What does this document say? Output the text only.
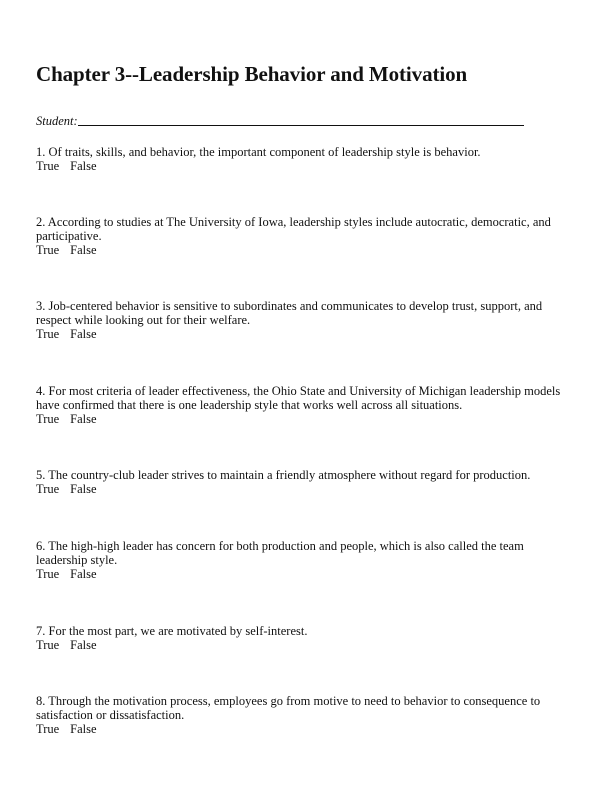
Chapter 3--Leadership Behavior and Motivation
Student:
1. Of traits, skills, and behavior, the important component of leadership style is behavior.
True False
2. According to studies at The University of Iowa, leadership styles include autocratic, democratic, and participative.
True False
3. Job-centered behavior is sensitive to subordinates and communicates to develop trust, support, and respect while looking out for their welfare.
True False
4. For most criteria of leader effectiveness, the Ohio State and University of Michigan leadership models have confirmed that there is one leadership style that works well across all situations.
True False
5. The country-club leader strives to maintain a friendly atmosphere without regard for production.
True False
6. The high-high leader has concern for both production and people, which is also called the team leadership style.
True False
7. For the most part, we are motivated by self-interest.
True False
8. Through the motivation process, employees go from motive to need to behavior to consequence to satisfaction or dissatisfaction.
True False
